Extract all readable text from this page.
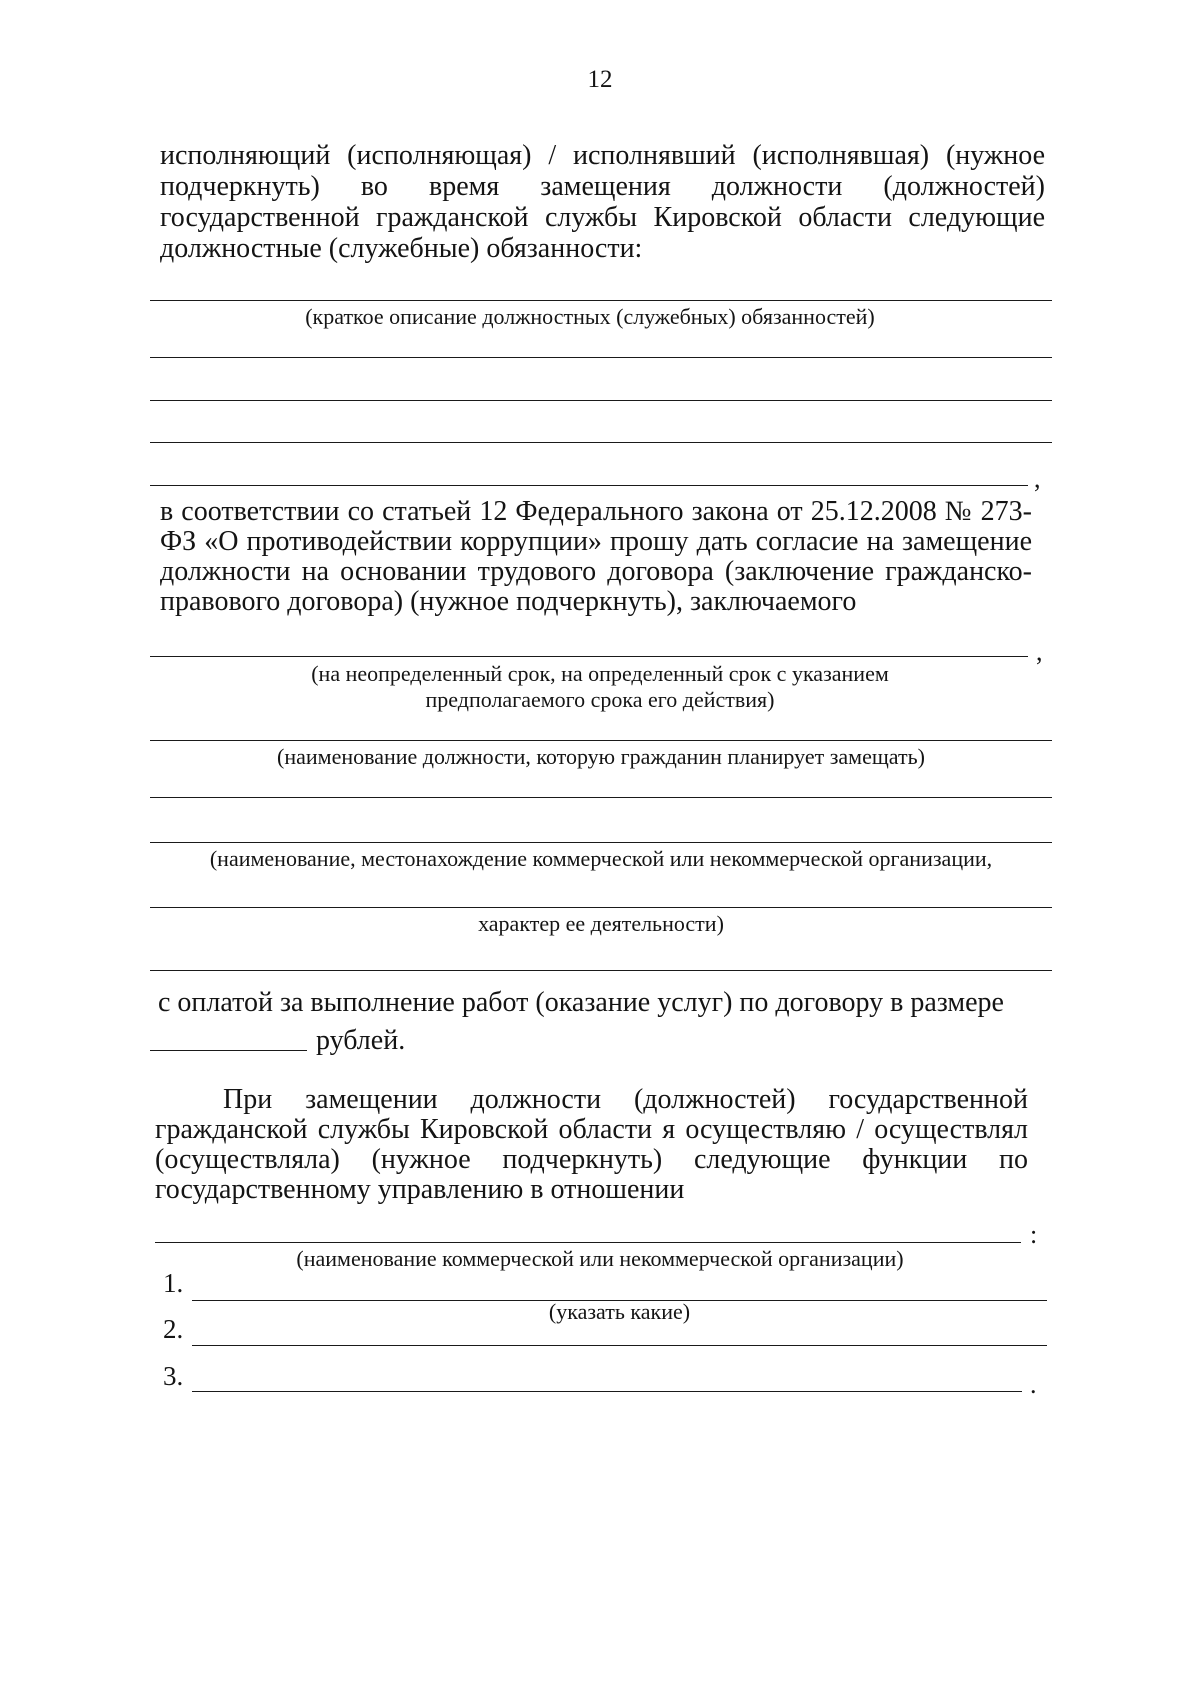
12

исполняющий (исполняющая) / исполнявший (исполнявшая) (нужное подчеркнуть) во время замещения должности (должностей) государственной гражданской службы Кировской области следующие должностные (служебные) обязанности:

(краткое описание должностных (служебных) обязанностей)
,

в соответствии со статьей 12 Федерального закона от 25.12.2008 № 273-ФЗ «О противодействии коррупции» прошу дать согласие на замещение должности на основании трудового договора (заключение гражданско-правового договора) (нужное подчеркнуть), заключаемого

,
(на неопределенный срок, на определенный срок с указанием
предполагаемого срока его действия)
(наименование должности, которую гражданин планирует замещать)
(наименование, местонахождение коммерческой или некоммерческой организации,
характер ее деятельности)

с оплатой за выполнение работ (оказание услуг) по договору в размере

рублей.

При замещении должности (должностей) государственной гражданской службы Кировской области я осуществляю / осуществлял (осуществляла) (нужное подчеркнуть) следующие функции по государственному управлению в отношении

:
(наименование коммерческой или некоммерческой организации)
1.
(указать какие)
2.
3.	.
